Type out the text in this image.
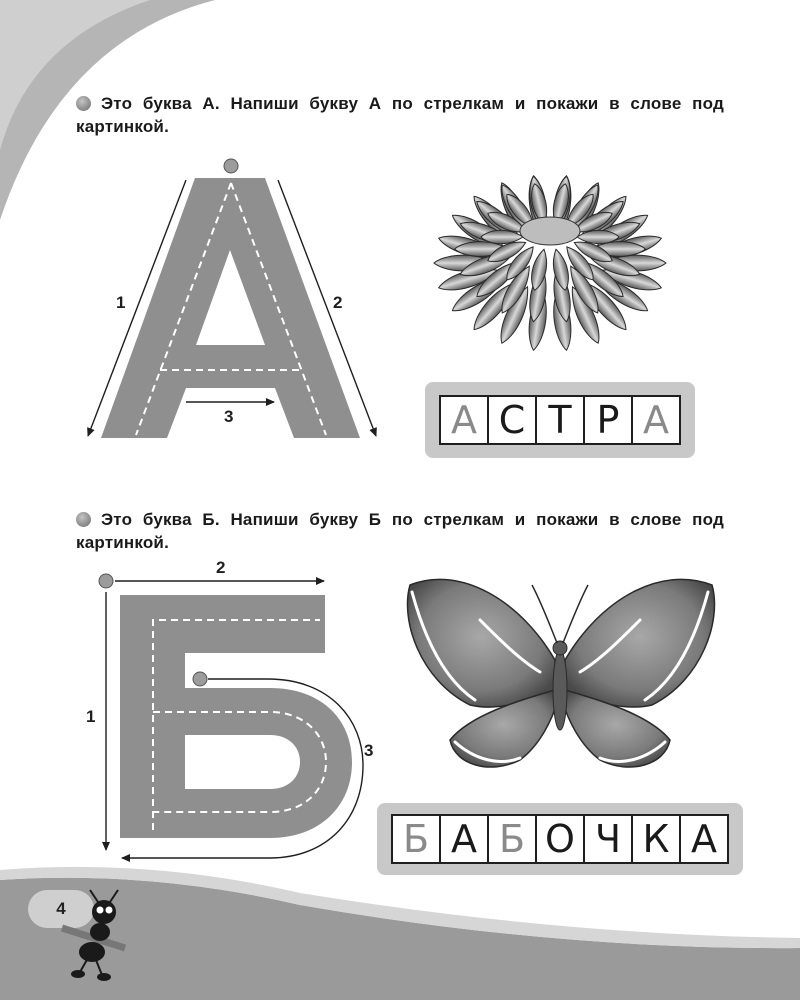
Это буква А. Напиши букву А по стрелкам и покажи в слове под картинкой.
1	2
3	А С Т Р А
Это буква Б. Напиши букву Б по стрелкам и покажи в слове под картинкой.
1
2
3
Б А Б О Ч К А
4
